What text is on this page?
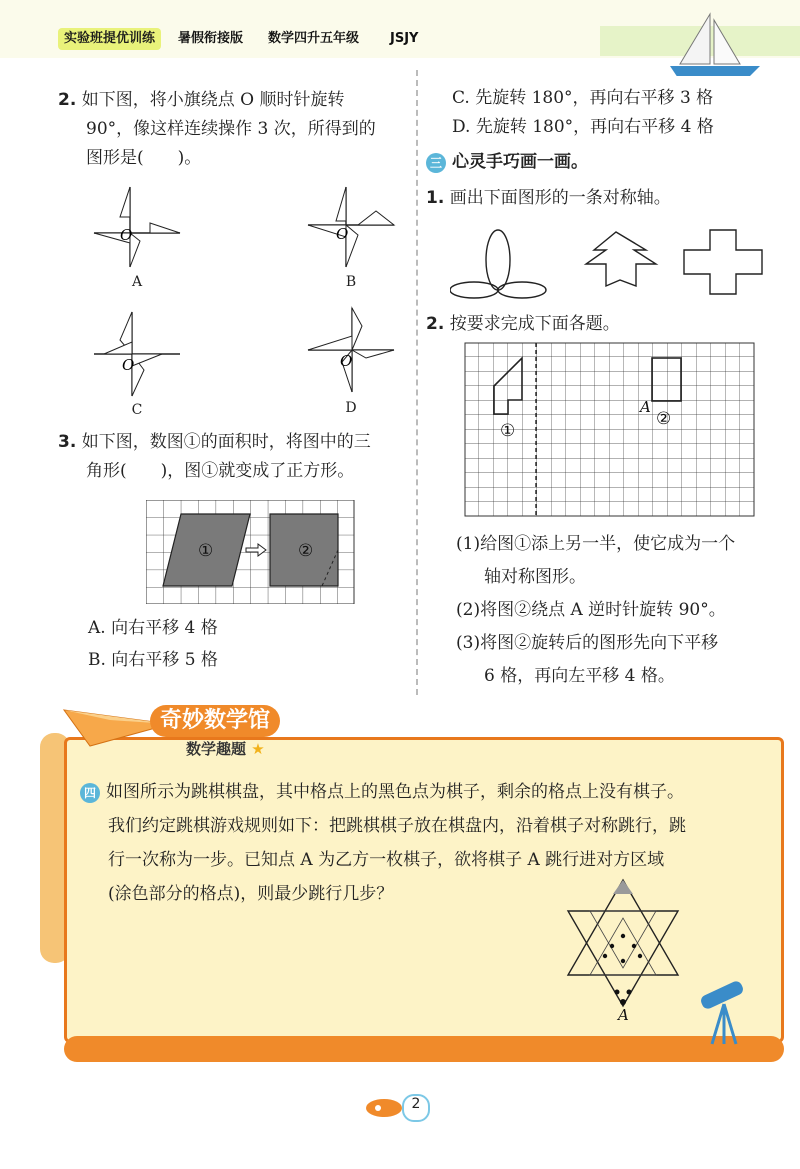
实验班提优训练	暑假衔接版 数学四升五年级 JSJY
2. 如下图，将小旗绕点 O 顺时针旋转
90°，像这样连续操作 3 次，所得到的
图形是(　　)。
O
A
O
B
O
C
O
D
3. 如下图，数图①的面积时，将图中的三
角形(　　)，图①就变成了正方形。
①	②
A. 向右平移 4 格
B. 向右平移 5 格
C. 先旋转 180°，再向右平移 3 格
D. 先旋转 180°，再向右平移 4 格
三 心灵手巧画一画。
1. 画出下面图形的一条对称轴。
2. 按要求完成下面各题。
①
A
②
(1)给图①添上另一半，使它成为一个
轴对称图形。
(2)将图②绕点 A 逆时针旋转 90°。
(3)将图②旋转后的图形先向下平移
6 格，再向左平移 4 格。
奇妙数学馆
数学趣题 ★
四 如图所示为跳棋棋盘，其中格点上的黑色点为棋子，剩余的格点上没有棋子。
我们约定跳棋游戏规则如下：把跳棋棋子放在棋盘内，沿着棋子对称跳行，跳
行一次称为一步。已知点 A 为乙方一枚棋子，欲将棋子 A 跳行进对方区域
(涂色部分的格点)，则最少跳行几步？
A
2
